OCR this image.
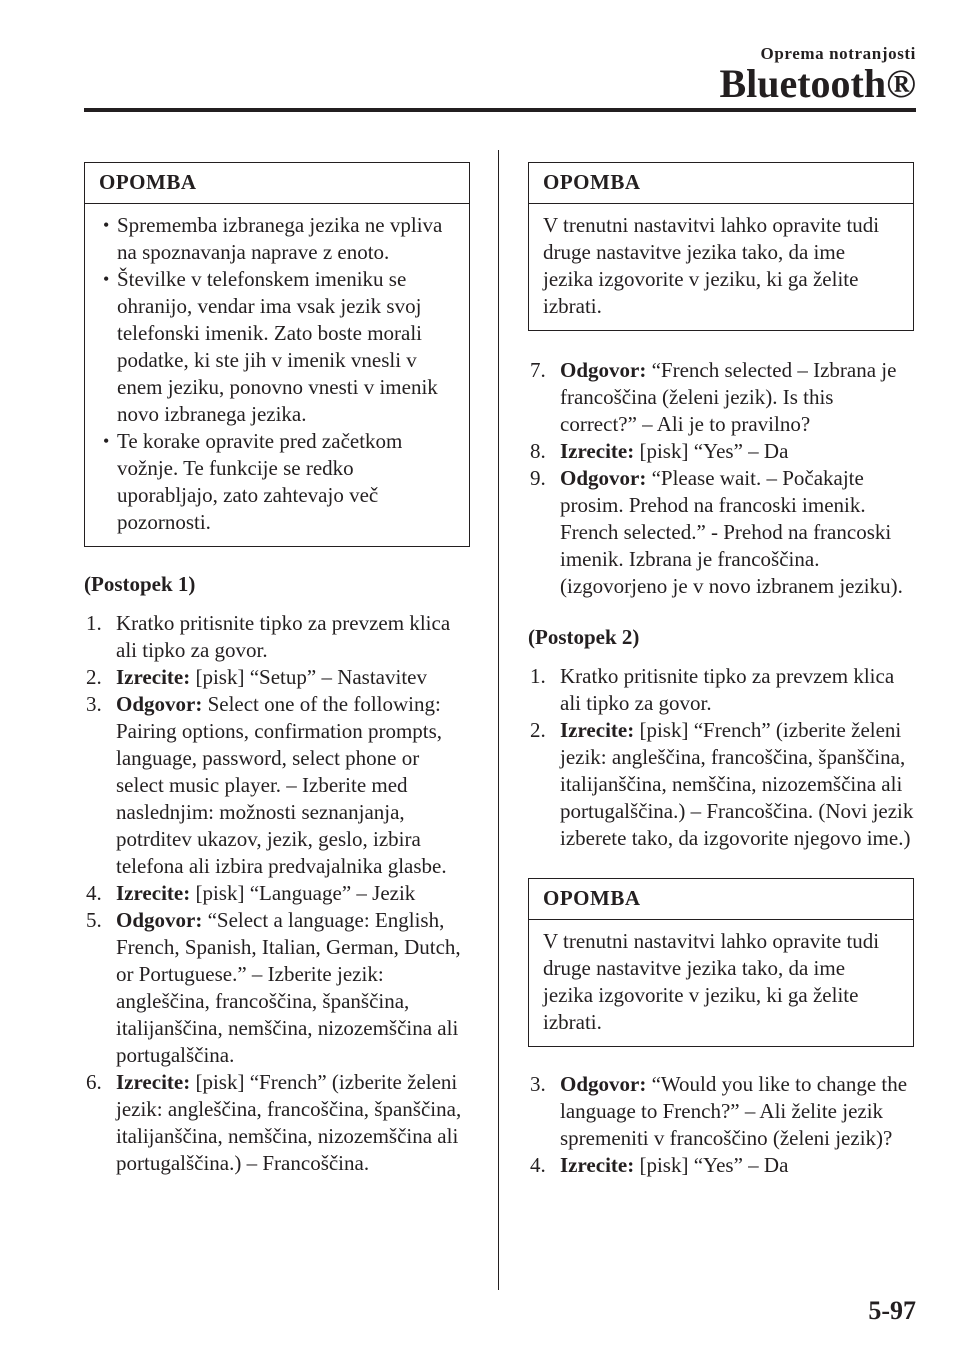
Oprema notranjosti
Bluetooth®
OPOMBA
• Sprememba izbranega jezika ne vpliva na spoznavanja naprave z enoto.
• Številke v telefonskem imeniku se ohranijo, vendar ima vsak jezik svoj telefonski imenik. Zato boste morali podatke, ki ste jih v imenik vnesli v enem jeziku, ponovno vnesti v imenik novo izbranega jezika.
• Te korake opravite pred začetkom vožnje. Te funkcije se redko uporabljajo, zato zahtevajo več pozornosti.
(Postopek 1)
1. Kratko pritisnite tipko za prevzem klica ali tipko za govor.
2. Izrecite: [pisk] “Setup” – Nastavitev
3. Odgovor: Select one of the following: Pairing options, confirmation prompts, language, password, select phone or select music player. – Izberite med naslednjim: možnosti seznanjanja, potrditev ukazov, jezik, geslo, izbira telefona ali izbira predvajalnika glasbe.
4. Izrecite: [pisk] “Language” – Jezik
5. Odgovor: “Select a language: English, French, Spanish, Italian, German, Dutch, or Portuguese.” – Izberite jezik: angleščina, francoščina, španščina, italijanščina, nemščina, nizozemščina ali portugalščina.
6. Izrecite: [pisk] “French” (izberite želeni jezik: angleščina, francoščina, španščina, italijanščina, nemščina, nizozemščina ali portugalščina.) – Francoščina.
OPOMBA
V trenutni nastavitvi lahko opravite tudi druge nastavitve jezika tako, da ime jezika izgovorite v jeziku, ki ga želite izbrati.
7. Odgovor: “French selected – Izbrana je francoščina (želeni jezik). Is this correct?” – Ali je to pravilno?
8. Izrecite: [pisk] “Yes” – Da
9. Odgovor: “Please wait. – Počakajte prosim. Prehod na francoski imenik. French selected.” - Prehod na francoski imenik. Izbrana je francoščina. (izgovorjeno je v novo izbranem jeziku).
(Postopek 2)
1. Kratko pritisnite tipko za prevzem klica ali tipko za govor.
2. Izrecite: [pisk] “French” (izberite želeni jezik: angleščina, francoščina, španščina, italijanščina, nemščina, nizozemščina ali portugalščina.) – Francoščina. (Novi jezik izberete tako, da izgovorite njegovo ime.)
OPOMBA
V trenutni nastavitvi lahko opravite tudi druge nastavitve jezika tako, da ime jezika izgovorite v jeziku, ki ga želite izbrati.
3. Odgovor: “Would you like to change the language to French?” – Ali želite jezik spremeniti v francoščino (želeni jezik)?
4. Izrecite: [pisk] “Yes” – Da
5-97
